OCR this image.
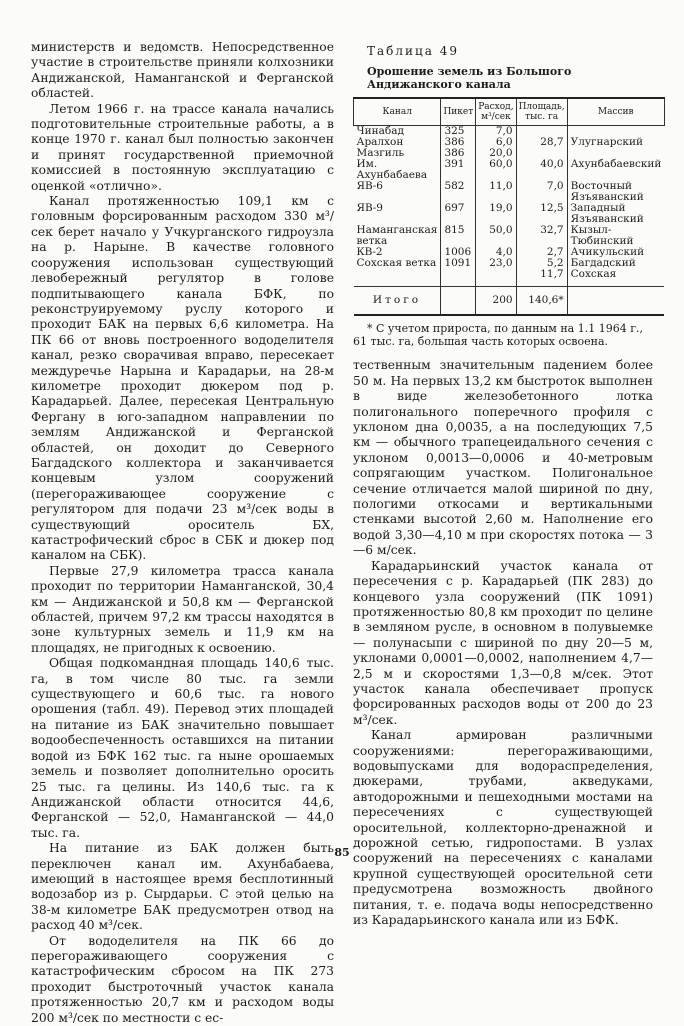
министерств и ведомств. Непосредственное участие в строительстве приняли колхозники Андижанской, Наманганской и Ферганской областей.

Летом 1966 г. на трассе канала начались подготовительные строительные работы, а в конце 1970 г. канал был полностью закончен и принят государственной приемочной комиссией в постоянную эксплуатацию с оценкой «отлично».

Канал протяженностью 109,1 км с головным форсированным расходом 330 м³/сек берет начало у Учкурганского гидроузла на р. Нарыне. В качестве головного сооружения использован существующий левобережный регулятор в голове подпитывающего канала БФК, по реконструируемому руслу которого и проходит БАК на первых 6,6 километра. На ПК 66 от вновь построенного вододелителя канал, резко сворачивая вправо, пересекает междуречье Нарына и Карадарьи, на 28-м километре проходит дюкером под р. Карадарьей. Далее, пересекая Центральную Фергану в юго-западном направлении по землям Андижанской и Ферганской областей, он доходит до Северного Багдадского коллектора и заканчивается концевым узлом сооружений (перегораживающее сооружение с регулятором для подачи 23 м³/сек воды в существующий ороситель БХ, катастрофический сброс в СБК и дюкер под каналом на СБК).

Первые 27,9 километра трасса канала проходит по территории Наманганской, 30,4 км — Андижанской и 50,8 км — Ферганской областей, причем 97,2 км трассы находятся в зоне культурных земель и 11,9 км на площадях, не пригодных к освоению.

Общая подкомандная площадь 140,6 тыс. га, в том числе 80 тыс. га земли существующего и 60,6 тыс. га нового орошения (табл. 49). Перевод этих площадей на питание из БАК значительно повышает водообеспеченность оставшихся на питании водой из БФК 162 тыс. га ныне орошаемых земель и позволяет дополнительно оросить 25 тыс. га целины. Из 140,6 тыс. га к Андижанской области относится 44,6, Ферганской — 52,0, Наманганской — 44,0 тыс. га.

На питание из БАК должен быть переключен канал им. Ахунбабаева, имеющий в настоящее время бесплотинный водозабор из р. Сырдарьи. С этой целью на 38-м километре БАК предусмотрен отвод на расход 40 м³/сек.

От вододелителя на ПК 66 до перегораживающего сооружения с катастрофическим сбросом на ПК 273 проходит быстроточный участок канала протяженностью 20,7 км и расходом воды 200 м³/сек по местности с ес-

Таблица 49
Орошение земель из Большого Андижанского канала
Канал	Пикет	Расход, м³/сек	Площадь, тыс. га	Массив
Чинабад	325	7,0		
Аралхон	386	6,0	28,7	Улугнарский
Мазгиль	386	20,0		
Им. Ахунбабаева	391	60,0	40,0	Ахунбабаевский
ЯВ-6	582	11,0	7,0	Восточный Язъяванский
ЯВ-9	697	19,0	12,5	Западный Язъяванский
Наманганская ветка	815	50,0	32,7	Кызыл-Тюбинский
КВ-2	1006	4,0	2,7	Ачикульский
Сохская ветка	1091	23,0	5,2	Багдадский
			11,7	Сохская
Итого		200	140,6*	
* С учетом прироста, по данным на 1.1 1964 г., 61 тыс. га, большая часть которых освоена.

тественным значительным падением более 50 м. На первых 13,2 км быстроток выполнен в виде железобетонного лотка полигонального поперечного профиля с уклоном дна 0,0035, а на последующих 7,5 км — обычного трапецеидального сечения с уклоном 0,0013—0,0006 и 40-метровым сопрягающим участком. Полигональное сечение отличается малой шириной по дну, пологими откосами и вертикальными стенками высотой 2,60 м. Наполнение его водой 3,30—4,10 м при скоростях потока — 3—6 м/сек.

Карадарьинский участок канала от пересечения с р. Карадарьей (ПК 283) до концевого узла сооружений (ПК 1091) протяженностью 80,8 км проходит по целине в земляном русле, в основном в полувыемке — полунасыпи с шириной по дну 20—5 м, уклонами 0,0001—0,0002, наполнением 4,7—2,5 м и скоростями 1,3—0,8 м/сек. Этот участок канала обеспечивает пропуск форсированных расходов воды от 200 до 23 м³/сек.

Канал армирован различными сооружениями: перегораживающими, водовыпусками для водораспределения, дюкерами, трубами, акведуками, автодорожными и пешеходными мостами на пересечениях с существующей оросительной, коллекторно-дренажной и дорожной сетью, гидропостами. В узлах сооружений на пересечениях с каналами крупной существующей оросительной сети предусмотрена возможность двойного питания, т. е. подача воды непосредственно из Карадарьинского канала или из БФК.

85
